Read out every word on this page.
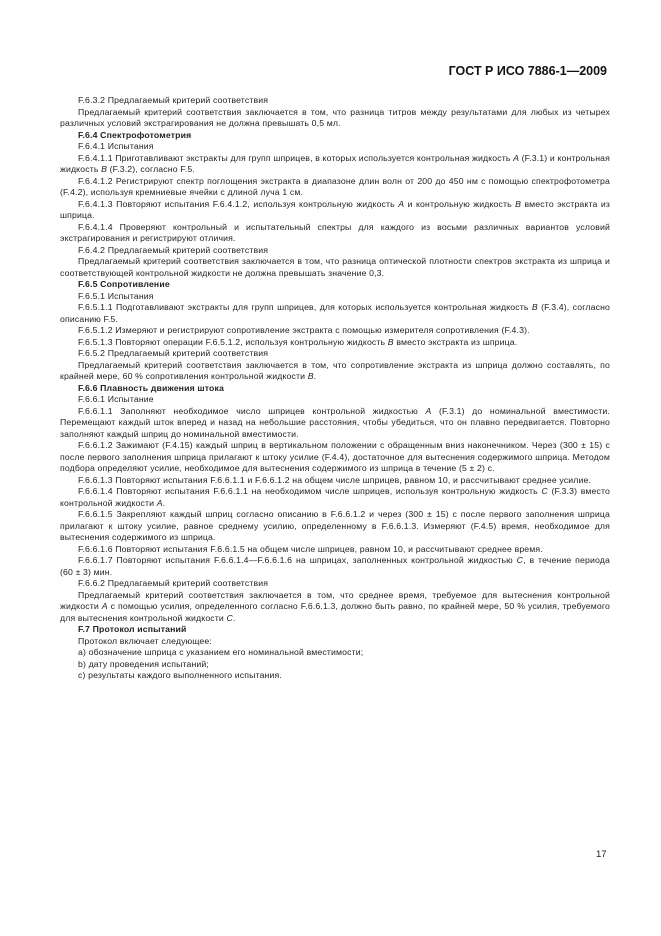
ГОСТ Р ИСО 7886-1—2009

F.6.3.2 Предлагаемый критерий соответствия

Предлагаемый критерий соответствия заключается в том, что разница титров между результатами для любых из четырех различных условий экстрагирования не должна превышать 0,5 мл.

F.6.4 Спектрофотометрия

F.6.4.1 Испытания

F.6.4.1.1 Приготавливают экстракты для групп шприцев, в которых используется контрольная жидкость A (F.3.1) и контрольная жидкость B (F.3.2), согласно F.5.

F.6.4.1.2 Регистрируют спектр поглощения экстракта в диапазоне длин волн от 200 до 450 нм с помощью спектрофотометра (F.4.2), используя кремниевые ячейки с длиной луча 1 см.

F.6.4.1.3 Повторяют испытания F.6.4.1.2, используя контрольную жидкость A и контрольную жидкость B вместо экстракта из шприца.

F.6.4.1.4 Проверяют контрольный и испытательный спектры для каждого из восьми различных вариантов условий экстрагирования и регистрируют отличия.

F.6.4.2 Предлагаемый критерий соответствия

Предлагаемый критерий соответствия заключается в том, что разница оптической плотности спектров экстракта из шприца и соответствующей контрольной жидкости не должна превышать значение 0,3.

F.6.5 Сопротивление

F.6.5.1 Испытания

F.6.5.1.1 Подготавливают экстракты для групп шприцев, для которых используется контрольная жидкость B (F.3.4), согласно описанию F.5.

F.6.5.1.2 Измеряют и регистрируют сопротивление экстракта с помощью измерителя сопротивления (F.4.3).

F.6.5.1.3 Повторяют операции F.6.5.1.2, используя контрольную жидкость B вместо экстракта из шприца.

F.6.5.2 Предлагаемый критерий соответствия

Предлагаемый критерий соответствия заключается в том, что сопротивление экстракта из шприца должно составлять, по крайней мере, 60 % сопротивления контрольной жидкости B.

F.6.6 Плавность движения штока

F.6.6.1 Испытание

F.6.6.1.1 Заполняют необходимое число шприцев контрольной жидкостью A (F.3.1) до номинальной вместимости. Перемещают каждый шток вперед и назад на небольшие расстояния, чтобы убедиться, что он плавно передвигается. Повторно заполняют каждый шприц до номинальной вместимости.

F.6.6.1.2 Зажимают (F.4.15) каждый шприц в вертикальном положении с обращенным вниз наконечником. Через (300 ± 15) с после первого заполнения шприца прилагают к штоку усилие (F.4.4), достаточное для вытеснения содержимого шприца. Методом подбора определяют усилие, необходимое для вытеснения содержимого из шприца в течение (5 ± 2) с.

F.6.6.1.3 Повторяют испытания F.6.6.1.1 и F.6.6.1.2 на общем числе шприцев, равном 10, и рассчитывают среднее усилие.

F.6.6.1.4 Повторяют испытания F.6.6.1.1 на необходимом числе шприцев, используя контрольную жидкость C (F.3.3) вместо контрольной жидкости A.

F.6.6.1.5 Закрепляют каждый шприц согласно описанию в F.6.6.1.2 и через (300 ± 15) с после первого заполнения шприца прилагают к штоку усилие, равное среднему усилию, определенному в F.6.6.1.3. Измеряют (F.4.5) время, необходимое для вытеснения содержимого из шприца.

F.6.6.1.6 Повторяют испытания F.6.6.1.5 на общем числе шприцев, равном 10, и рассчитывают среднее время.

F.6.6.1.7 Повторяют испытания F.6.6.1.4—F.6.6.1.6 на шприцах, заполненных контрольной жидкостью C, в течение периода (60 ± 3) мин.

F.6.6.2 Предлагаемый критерий соответствия

Предлагаемый критерий соответствия заключается в том, что среднее время, требуемое для вытеснения контрольной жидкости A с помощью усилия, определенного согласно F.6.6.1.3, должно быть равно, по крайней мере, 50 % усилия, требуемого для вытеснения контрольной жидкости C.

F.7 Протокол испытаний

Протокол включает следующее:

a) обозначение шприца с указанием его номинальной вместимости;

b) дату проведения испытаний;

c) результаты каждого выполненного испытания.

17
